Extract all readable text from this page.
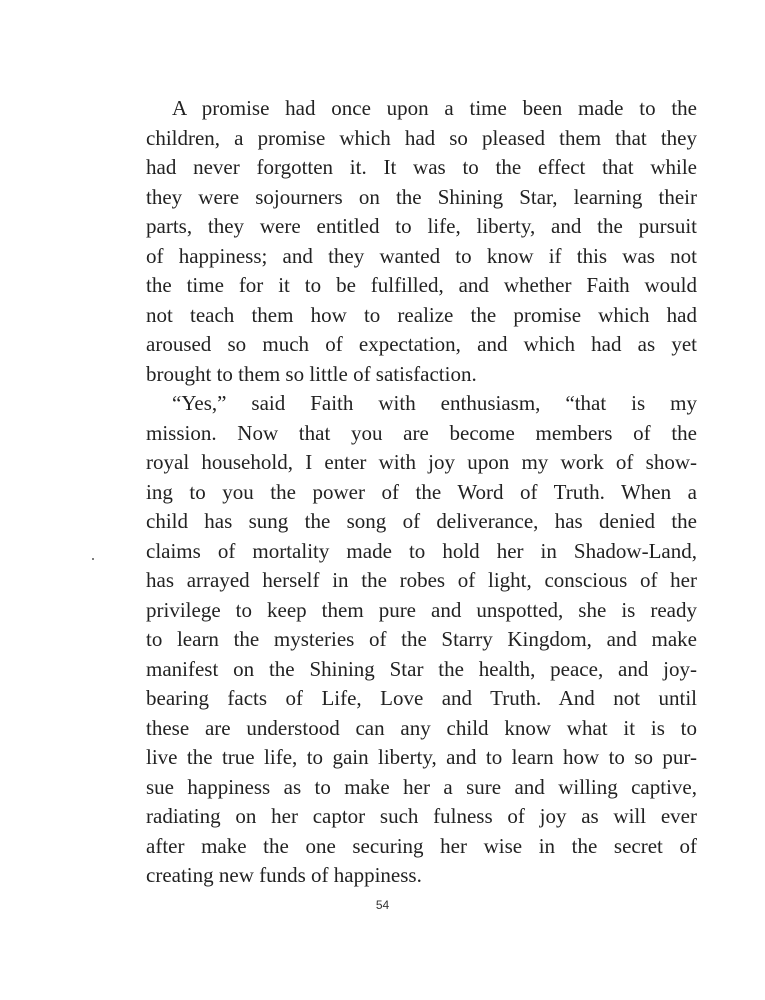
A promise had once upon a time been made to the
children, a promise which had so pleased them that they
had never forgotten it. It was to the effect that while
they were sojourners on the Shining Star, learning their
parts, they were entitled to life, liberty, and the pursuit
of happiness; and they wanted to know if this was not
the time for it to be fulfilled, and whether Faith would
not teach them how to realize the promise which had
aroused so much of expectation, and which had as yet
brought to them so little of satisfaction.
“Yes,” said Faith with enthusiasm, “that is my
mission. Now that you are become members of the
royal household, I enter with joy upon my work of show-
ing to you the power of the Word of Truth. When a
child has sung the song of deliverance, has denied the
claims of mortality made to hold her in Shadow-Land,
has arrayed herself in the robes of light, conscious of her
privilege to keep them pure and unspotted, she is ready
to learn the mysteries of the Starry Kingdom, and make
manifest on the Shining Star the health, peace, and joy-
bearing facts of Life, Love and Truth. And not until
these are understood can any child know what it is to
live the true life, to gain liberty, and to learn how to so pur-
sue happiness as to make her a sure and willing captive,
radiating on her captor such fulness of joy as will ever
after make the one securing her wise in the secret of
creating new funds of happiness.
54
